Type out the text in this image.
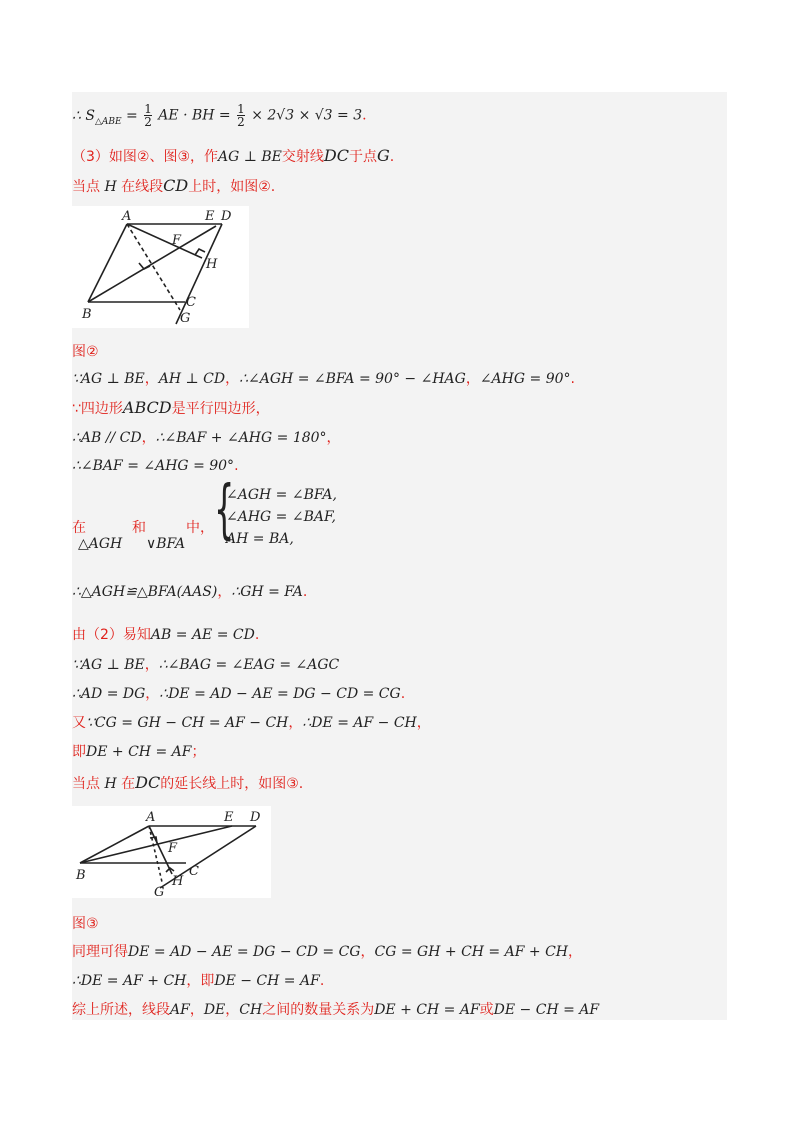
∴ $S_{\triangle ABE} = \frac{1}{2}$ AE · BH = $\frac{1}{2} \times 2√3 \times √3 = 3$.
（3）如图②、图③，作AG ⊥ BE交射线DC于点G.
当点 H 在线段CD上时，如图②.
A	E D
F
H
B
C
G
图②
∵AG ⊥ BE，AH ⊥ CD，∴∠AGH = ∠BFA = 90° − ∠HAG，∠AHG = 90°.
∵四边形ABCD是平行四边形，
∴AB // CD，∴∠BAF + ∠AHG = 180°，
∴∠BAF = ∠AHG = 90°.
在	和	中，
△AGH ∨BFA {
∠AGH = ∠BFA,
∠AHG = ∠BAF,
AH = BA,
∴△AGH≌△BFA(AAS)，∴GH = FA.
由（2）易知AB = AE = CD.
∵AG ⊥ BE，∴∠BAG = ∠EAG = ∠AGC
∴AD = DG，∴DE = AD − AE = DG − CD = CG.
又∵CG = GH − CH = AF − CH，∴DE = AF − CH，
即DE + CH = AF；
当点 H 在DC的延长线上时，如图③.
A	E D
F
H
B	C
G
图③
同理可得DE = AD − AE = DG − CD = CG，CG = GH + CH = AF + CH，
∴DE = AF + CH，即DE − CH = AF.
综上所述，线段AF，DE，CH之间的数量关系为DE + CH = AF或DE − CH = AF
